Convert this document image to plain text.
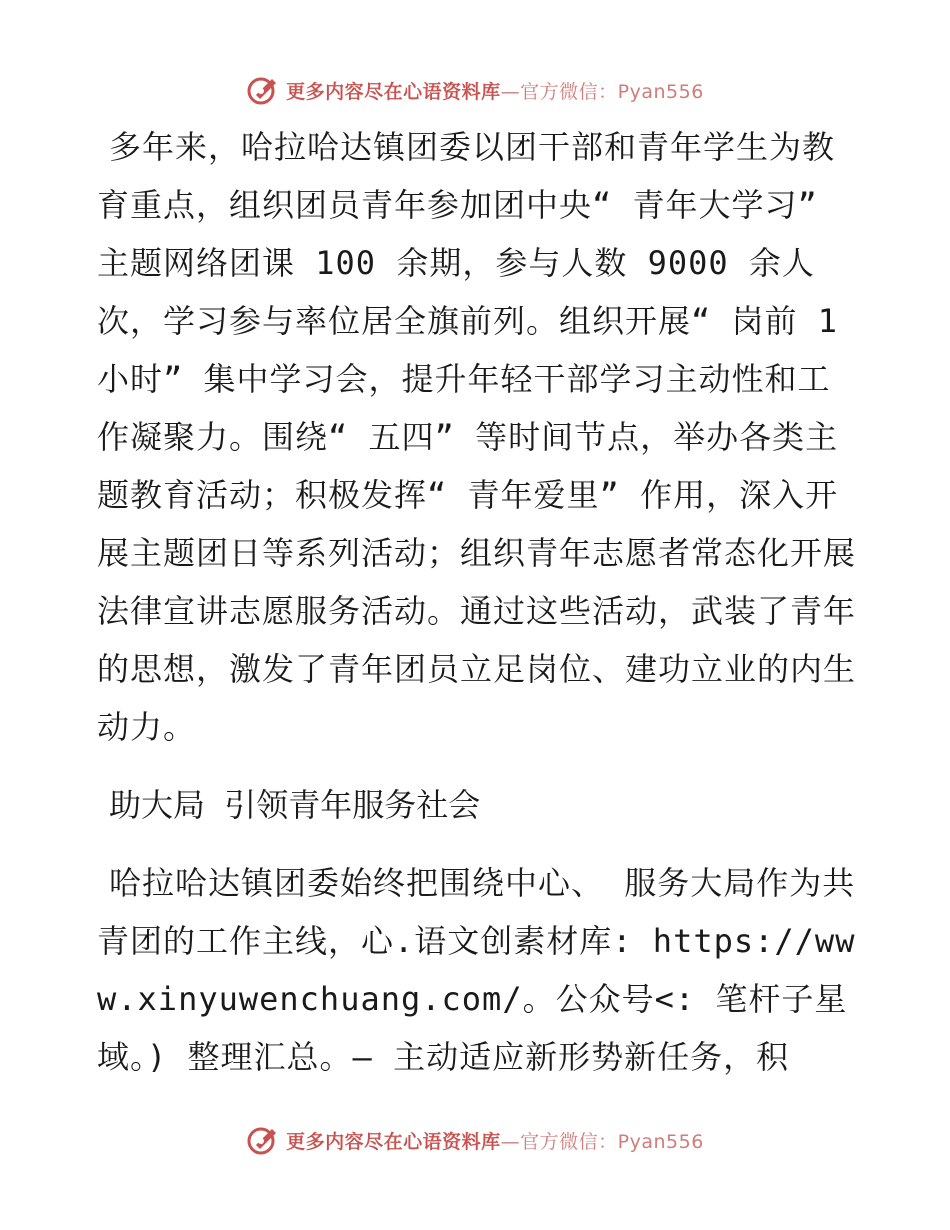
更多内容尽在心语资料库—官方微信：Pyan556

多年来，哈拉哈达镇团委以团干部和青年学生为教育重点，组织团员青年参加团中央“ 青年大学习” 主题网络团课 100 余期，参与人数 9000 余人次，学习参与率位居全旗前列。组织开展“ 岗前 1 小时” 集中学习会，提升年轻干部学习主动性和工作凝聚力。围绕“ 五四” 等时间节点，举办各类主题教育活动；积极发挥“ 青年爱里” 作用，深入开展主题团日等系列活动；组织青年志愿者常态化开展法律宣讲志愿服务活动。通过这些活动，武装了青年的思想，激发了青年团员立足岗位、建功立业的内生动力。

助大局 引领青年服务社会

哈拉哈达镇团委始终把围绕中心、 服务大局作为共青团的工作主线，心.语文创素材库: https://www.xinyuwenchuang.com/。公众号<: 笔杆子星域。) 整理汇总。— 主动适应新形势新任务，积

更多内容尽在心语资料库—官方微信：Pyan556
